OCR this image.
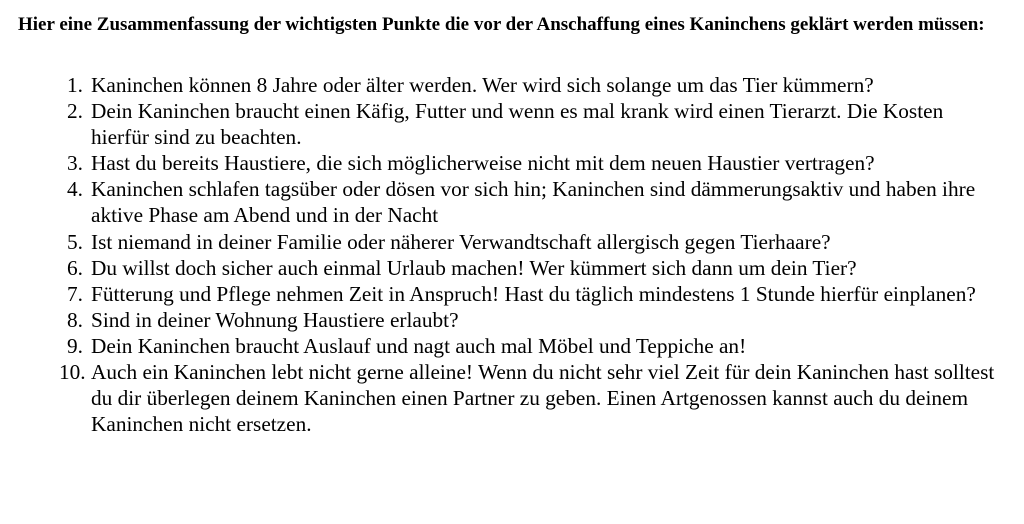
Hier eine Zusammenfassung der wichtigsten Punkte die vor der Anschaffung eines Kaninchens geklärt werden müssen:

1. Kaninchen können 8 Jahre oder älter werden. Wer wird sich solange um das Tier kümmern?
2. Dein Kaninchen braucht einen Käfig, Futter und wenn es mal krank wird einen Tierarzt. Die Kosten hierfür sind zu beachten.
3. Hast du bereits Haustiere, die sich möglicherweise nicht mit dem neuen Haustier vertragen?
4. Kaninchen schlafen tagsüber oder dösen vor sich hin; Kaninchen sind dämmerungsaktiv und haben ihre aktive Phase am Abend und in der Nacht
5. Ist niemand in deiner Familie oder näherer Verwandtschaft allergisch gegen Tierhaare?
6. Du willst doch sicher auch einmal Urlaub machen! Wer kümmert sich dann um dein Tier?
7. Fütterung und Pflege nehmen Zeit in Anspruch! Hast du täglich mindestens 1 Stunde hierfür einplanen?
8. Sind in deiner Wohnung Haustiere erlaubt?
9. Dein Kaninchen braucht Auslauf und nagt auch mal Möbel und Teppiche an!
10. Auch ein Kaninchen lebt nicht gerne alleine! Wenn du nicht sehr viel Zeit für dein Kaninchen hast solltest du dir überlegen deinem Kaninchen einen Partner zu geben. Einen Artgenossen kannst auch du deinem Kaninchen nicht ersetzen.
